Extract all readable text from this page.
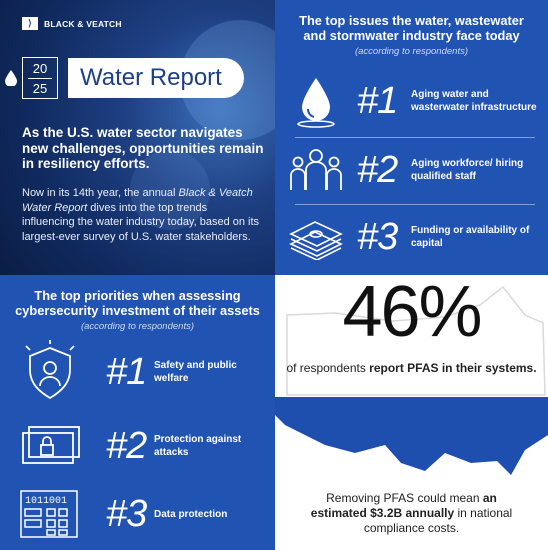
⟩	BLACK & VEATCH
20
25	Water Report
As the U.S. water sector navigates new challenges, opportunities remain in resiliency efforts.
Now in its 14th year, the annual Black & Veatch Water Report dives into the top trends influencing the water industry today, based on its largest-ever survey of U.S. water stakeholders.
The top issues the water, wastewater and stormwater industry face today
(according to respondents)
#1	Aging water and wasterwater infrastructure
#2	Aging workforce/ hiring qualified staff
#3	Funding or availability of capital
The top priorities when assessing cybersecurity investment of their assets
(according to respondents)
#1 Safety and public welfare
#2 Protection against attacks
1011001 #3 Data protection
46%
of respondents report PFAS in their systems.
Removing PFAS could mean an estimated $3.2B annually in national compliance costs.
